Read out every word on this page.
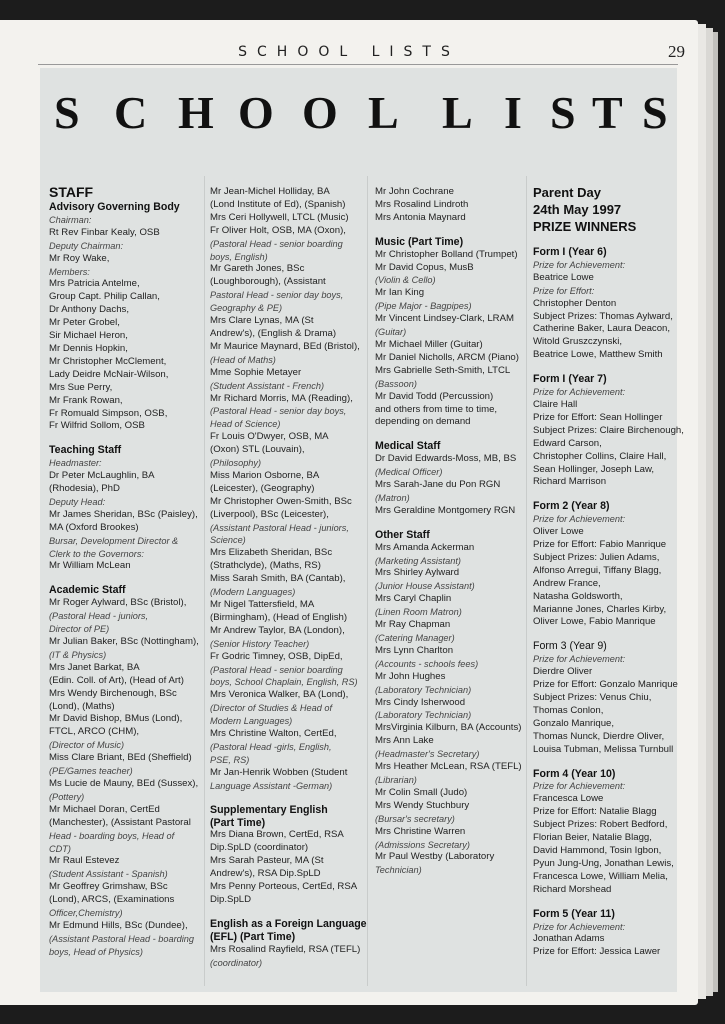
SCHOOL LISTS	29
S C H O O L L I S T S
STAFF
Advisory Governing Body
Chairman:
Rt Rev Finbar Kealy, OSB
Deputy Chairman:
Mr Roy Wake,
Members:
Mrs Patricia Antelme,
Group Capt. Philip Callan,
Dr Anthony Dachs,
Mr Peter Grobel,
Sir Michael Heron,
Mr Dennis Hopkin,
Mr Christopher McClement,
Lady Deidre McNair-Wilson,
Mrs Sue Perry,
Mr Frank Rowan,
Fr Romuald Simpson, OSB,
Fr Wilfrid Sollom, OSB
Teaching Staff
Headmaster:
Dr Peter McLaughlin, BA
(Rhodesia), PhD
Deputy Head:
Mr James Sheridan, BSc (Paisley),
MA (Oxford Brookes)
Bursar, Development Director &
Clerk to the Governors:
Mr William McLean
Academic Staff
Mr Roger Aylward, BSc (Bristol),
(Pastoral Head - juniors,
Director of PE)
Mr Julian Baker, BSc (Nottingham),
(IT & Physics)
Mrs Janet Barkat, BA
(Edin. Coll. of Art), (Head of Art)
Mrs Wendy Birchenough, BSc
(Lond), (Maths)
Mr David Bishop, BMus (Lond),
FTCL, ARCO (CHM),
(Director of Music)
Miss Clare Briant, BEd (Sheffield)
(PE/Games teacher)
Ms Lucie de Mauny, BEd (Sussex),
(Pottery)
Mr Michael Doran, CertEd
(Manchester), (Assistant Pastoral
Head - boarding boys, Head of
CDT)
Mr Raul Estevez
(Student Assistant - Spanish)
Mr Geoffrey Grimshaw, BSc
(Lond), ARCS, (Examinations
Officer,Chemistry)
Mr Edmund Hills, BSc (Dundee),
(Assistant Pastoral Head - boarding
boys, Head of Physics)
Mr Jean-Michel Holliday, BA
(Lond Institute of Ed), (Spanish)
Mrs Ceri Hollywell, LTCL (Music)
Fr Oliver Holt, OSB, MA (Oxon),
(Pastoral Head - senior boarding
boys, English)
Mr Gareth Jones, BSc
(Loughborough), (Assistant
Pastoral Head - senior day boys,
Geography & PE)
Mrs Clare Lynas, MA (St
Andrew's), (English & Drama)
Mr Maurice Maynard, BEd (Bristol),
(Head of Maths)
Mme Sophie Metayer
(Student Assistant - French)
Mr Richard Morris, MA (Reading),
(Pastoral Head - senior day boys,
Head of Science)
Fr Louis O'Dwyer, OSB, MA
(Oxon) STL (Louvain),
(Philosophy)
Miss Marion Osborne, BA
(Leicester), (Geography)
Mr Christopher Owen-Smith, BSc
(Liverpool), BSc (Leicester),
(Assistant Pastoral Head - juniors,
Science)
Mrs Elizabeth Sheridan, BSc
(Strathclyde), (Maths, RS)
Miss Sarah Smith, BA (Cantab),
(Modern Languages)
Mr Nigel Tattersfield, MA
(Birmingham), (Head of English)
Mr Andrew Taylor, BA (London),
(Senior History Teacher)
Fr Godric Timney, OSB, DipEd,
(Pastoral Head - senior boarding
boys, School Chaplain, English, RS)
Mrs Veronica Walker, BA (Lond),
(Director of Studies & Head of
Modern Languages)
Mrs Christine Walton, CertEd,
(Pastoral Head -girls, English,
PSE, RS)
Mr Jan-Henrik Wobben (Student
Language Assistant -German)
Supplementary English
(Part Time)
Mrs Diana Brown, CertEd, RSA
Dip.SpLD (coordinator)
Mrs Sarah Pasteur, MA (St
Andrew's), RSA Dip.SpLD
Mrs Penny Porteous, CertEd, RSA
Dip.SpLD
English as a Foreign Language
(EFL) (Part Time)
Mrs Rosalind Rayfield, RSA (TEFL)
(coordinator)
Mr John Cochrane
Mrs Rosalind Lindroth
Mrs Antonia Maynard
Music (Part Time)
Mr Christopher Bolland (Trumpet)
Mr David Copus, MusB
(Violin & Cello)
Mr Ian King
(Pipe Major - Bagpipes)
Mr Vincent Lindsey-Clark, LRAM
(Guitar)
Mr Michael Miller (Guitar)
Mr Daniel Nicholls, ARCM (Piano)
Mrs Gabrielle Seth-Smith, LTCL
(Bassoon)
Mr David Todd (Percussion)
and others from time to time,
depending on demand
Medical Staff
Dr David Edwards-Moss, MB, BS
(Medical Officer)
Mrs Sarah-Jane du Pon RGN
(Matron)
Mrs Geraldine Montgomery RGN
Other Staff
Mrs Amanda Ackerman
(Marketing Assistant)
Mrs Shirley Aylward
(Junior House Assistant)
Mrs Caryl Chaplin
(Linen Room Matron)
Mr Ray Chapman
(Catering Manager)
Mrs Lynn Charlton
(Accounts - schools fees)
Mr John Hughes
(Laboratory Technician)
Mrs Cindy Isherwood
(Laboratory Technician)
MrsVirginia Kilburn, BA (Accounts)
Mrs Ann Lake
(Headmaster's Secretary)
Mrs Heather McLean, RSA (TEFL)
(Librarian)
Mr Colin Small (Judo)
Mrs Wendy Stuchbury
(Bursar's secretary)
Mrs Christine Warren
(Admissions Secretary)
Mr Paul Westby (Laboratory
Technician)
Parent Day
24th May 1997
PRIZE WINNERS
Form I (Year 6)
Prize for Achievement:
Beatrice Lowe
Prize for Effort:
Christopher Denton
Subject Prizes: Thomas Aylward,
Catherine Baker, Laura Deacon,
Witold Gruszczynski,
Beatrice Lowe, Matthew Smith
Form I (Year 7)
Prize for Achievement:
Claire Hall
Prize for Effort: Sean Hollinger
Subject Prizes: Claire Birchenough,
Edward Carson,
Christopher Collins, Claire Hall,
Sean Hollinger, Joseph Law,
Richard Marrison
Form 2 (Year 8)
Prize for Achievement:
Oliver Lowe
Prize for Effort: Fabio Manrique
Subject Prizes: Julien Adams,
Alfonso Arregui, Tiffany Blagg,
Andrew France,
Natasha Goldsworth,
Marianne Jones, Charles Kirby,
Oliver Lowe, Fabio Manrique
Form 3 (Year 9)
Prize for Achievement:
Dierdre Oliver
Prize for Effort: Gonzalo Manrique
Subject Prizes: Venus Chiu,
Thomas Conlon,
Gonzalo Manrique,
Thomas Nunck, Dierdre Oliver,
Louisa Tubman, Melissa Turnbull
Form 4 (Year 10)
Prize for Achievement:
Francesca Lowe
Prize for Effort: Natalie Blagg
Subject Prizes: Robert Bedford,
Florian Beier, Natalie Blagg,
David Hammond, Tosin Igbon,
Pyun Jung-Ung, Jonathan Lewis,
Francesca Lowe, William Melia,
Richard Morshead
Form 5 (Year 11)
Prize for Achievement:
Jonathan Adams
Prize for Effort: Jessica Lawer
